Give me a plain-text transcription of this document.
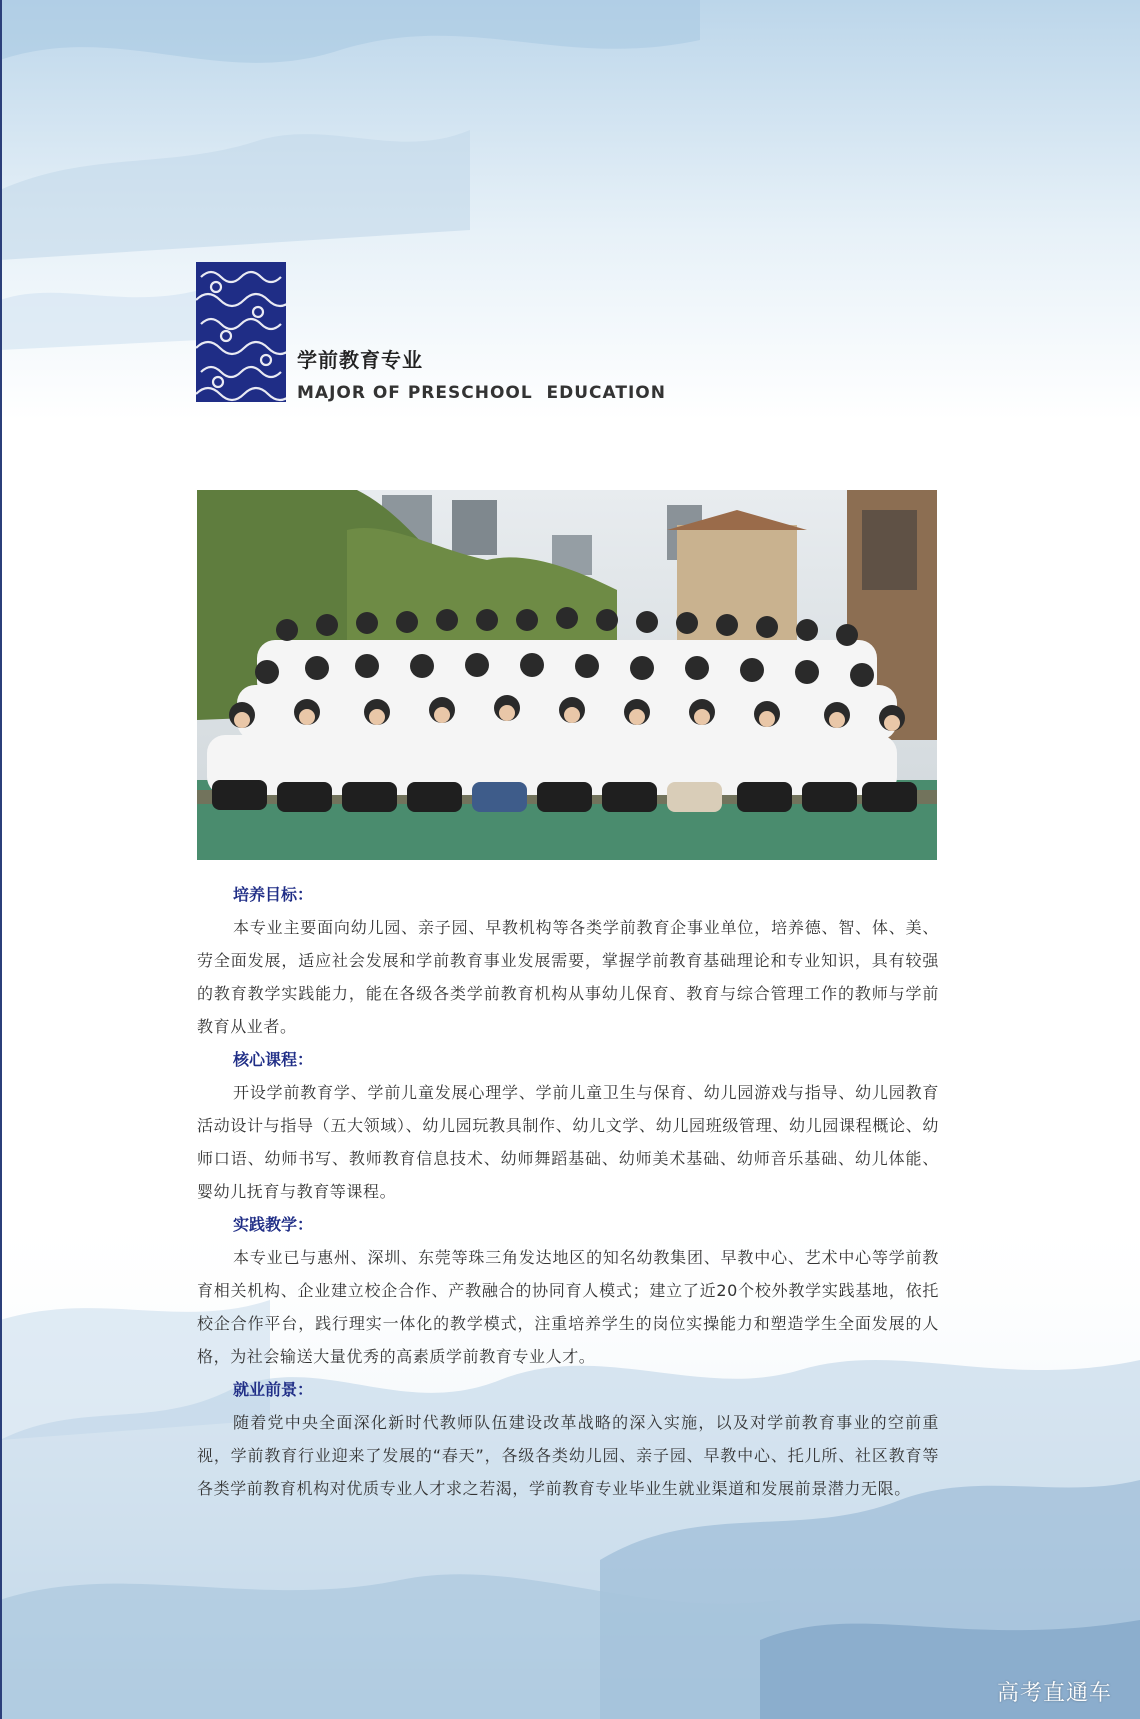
学前教育专业
MAJOR OF PRESCHOOL  EDUCATION

培养目标：

本专业主要面向幼儿园、亲子园、早教机构等各类学前教育企事业单位，培养德、智、体、美、劳全面发展，适应社会发展和学前教育事业发展需要，掌握学前教育基础理论和专业知识，具有较强的教育教学实践能力，能在各级各类学前教育机构从事幼儿保育、教育与综合管理工作的教师与学前教育从业者。

核心课程：

开设学前教育学、学前儿童发展心理学、学前儿童卫生与保育、幼儿园游戏与指导、幼儿园教育活动设计与指导（五大领域）、幼儿园玩教具制作、幼儿文学、幼儿园班级管理、幼儿园课程概论、幼师口语、幼师书写、教师教育信息技术、幼师舞蹈基础、幼师美术基础、幼师音乐基础、幼儿体能、婴幼儿抚育与教育等课程。

实践教学：

本专业已与惠州、深圳、东莞等珠三角发达地区的知名幼教集团、早教中心、艺术中心等学前教育相关机构、企业建立校企合作、产教融合的协同育人模式；建立了近20个校外教学实践基地，依托校企合作平台，践行理实一体化的教学模式，注重培养学生的岗位实操能力和塑造学生全面发展的人格，为社会输送大量优秀的高素质学前教育专业人才。

就业前景：

随着党中央全面深化新时代教师队伍建设改革战略的深入实施，以及对学前教育事业的空前重视，学前教育行业迎来了发展的“春天”，各级各类幼儿园、亲子园、早教中心、托儿所、社区教育等各类学前教育机构对优质专业人才求之若渴，学前教育专业毕业生就业渠道和发展前景潜力无限。

高考直通车
